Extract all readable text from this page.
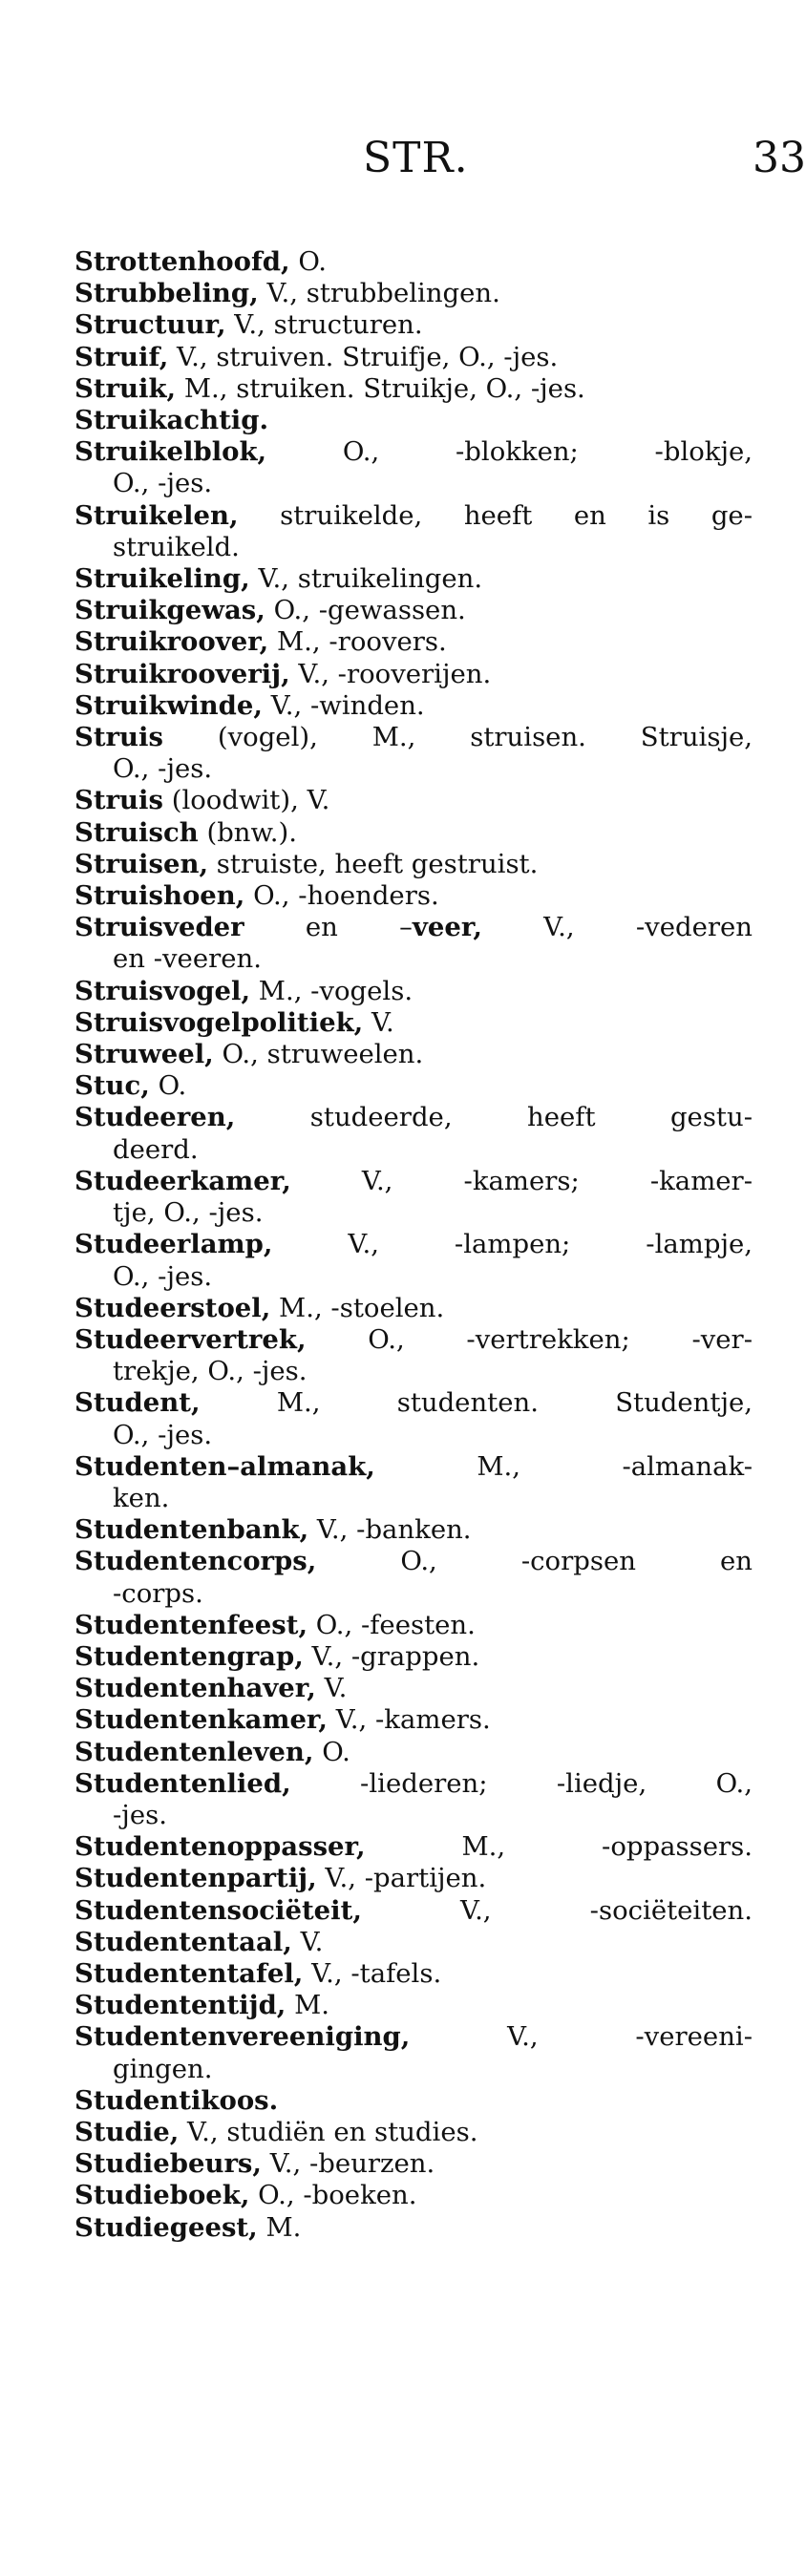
STR.	33
Strottenhoofd, O.
Strubbeling, V., strubbelingen.
Structuur, V., structuren.
Struif, V., struiven. Struifje, O., -jes.
Struik, M., struiken. Struikje, O., -jes.
Struikachtig.
Struikelblok, O., -blokken; -blokje,
O., -jes.
Struikelen, struikelde, heeft en is ge-
struikeld.
Struikeling, V., struikelingen.
Struikgewas, O., -gewassen.
Struikroover, M., -roovers.
Struikrooverij, V., -rooverijen.
Struikwinde, V., -winden.
Struis (vogel), M., struisen. Struisje,
O., -jes.
Struis (loodwit), V.
Struisch (bnw.).
Struisen, struiste, heeft gestruist.
Struishoen, O., -hoenders.
Struisveder en –veer, V., -vederen
en -veeren.
Struisvogel, M., -vogels.
Struisvogelpolitiek, V.
Struweel, O., struweelen.
Stuc, O.
Studeeren, studeerde, heeft gestu-
deerd.
Studeerkamer, V., -kamers; -kamer-
tje, O., -jes.
Studeerlamp, V., -lampen; -lampje,
O., -jes.
Studeerstoel, M., -stoelen.
Studeervertrek, O., -vertrekken; -ver-
trekje, O., -jes.
Student, M., studenten. Studentje,
O., -jes.
Studenten–almanak, M., -almanak-
ken.
Studentenbank, V., -banken.
Studentencorps, O., -corpsen en
-corps.
Studentenfeest, O., -feesten.
Studentengrap, V., -grappen.
Studentenhaver, V.
Studentenkamer, V., -kamers.
Studentenleven, O.
Studentenlied, -liederen; -liedje, O.,
-jes.
Studentenoppasser, M., -oppassers.
Studentenpartij, V., -partijen.
Studentensociëteit, V., -sociëteiten.
Studententaal, V.
Studententafel, V., -tafels.
Studententijd, M.
Studentenvereeniging, V., -vereeni-
gingen.
Studentikoos.
Studie, V., studiën en studies.
Studiebeurs, V., -beurzen.
Studieboek, O., -boeken.
Studiegeest, M.
